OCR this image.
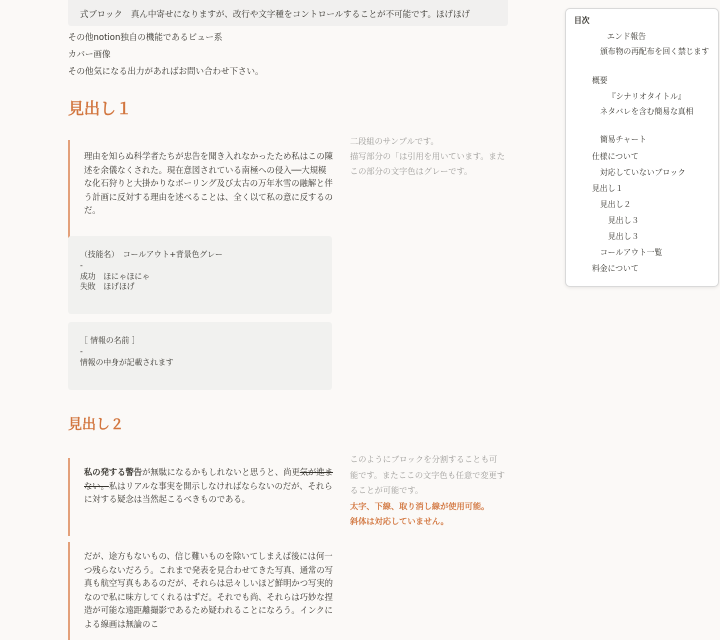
式ブロック　真ん中寄せになりますが、改行や文字種をコントロールすることが不可能です。ほげほげ
その他notion独自の機能であるビュー系
カバー画像
その他気になる出力があればお問い合わせ下さい。
見出し１
理由を知らぬ科学者たちが忠告を聞き入れなかったため私はこの陳述を余儀なくされた。現在意図されている南極への侵入──大規模な化石狩りと大掛かりなボーリング及び太古の万年氷雪の融解と伴う計画に反対する理由を述べることは、全く以て私の意に反するのだ。
（技能名）　コールアウト+背景色グレー
-
成功　ほにゃほにゃ
失敗　ほげほげ
［ 情報の名前 ］
-
情報の中身が記載されます
二段組のサンプルです。
描写部分の「は引用を用いています。またこの部分の文字色はグレーです。
見出し２
私の発する警告が無駄になるかもしれないと思うと、尚更気が進まない。私はリアルな事実を開示しなければならないのだが、それらに対する疑念は当然起こるべきものである。
だが、途方もないもの、信じ難いものを除いてしまえば後には何一つ残らないだろう。これまで発表を見合わせてきた写真、通常の写真も航空写真もあるのだが、それらは忌々しいほど鮮明かつ写実的なので私に味方してくれるはずだ。それでも尚、それらは巧妙な捏造が可能な遠距離撮影であるため疑われることになろう。インクによる線画は無論のこ
このようにブロックを分割することも可能です。またここの文字色も任意で変更することが可能です。
太字、下線、取り消し線が使用可能。
斜体は対応していません。
目次
エンド報告
頒布物の再配布を回く禁じます
概要
『シナリオタイトル』
ネタバレを含む簡易な真相
簡易チャート
仕様について
対応していないブロック
見出し１
見出し２
見出し３
見出し３
コールアウト一覧
料金について
